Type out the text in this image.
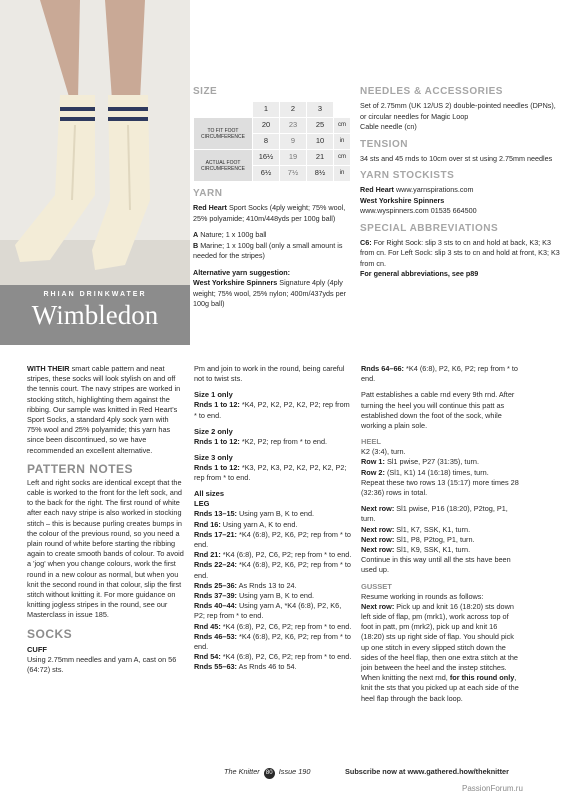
RHIAN DRINKWATER
Wimbledon
SIZE
	1	2	3	
TO FIT FOOT CIRCUMFERENCE	20	23	25	cm
	8	9	10	in
ACTUAL FOOT CIRCUMFERENCE	16½	19	21	cm
	6½	7½	8½	in
YARN

Red Heart Sport Socks (4ply weight; 75% wool, 25% polyamide; 410m/448yds per 100g ball)

A Nature; 1 x 100g ball
B Marine; 1 x 100g ball (only a small amount is needed for the stripes)

Alternative yarn suggestion:
West Yorkshire Spinners Signature 4ply (4ply weight; 75% wool, 25% nylon; 400m/437yds per 100g ball)

NEEDLES & ACCESSORIES

Set of 2.75mm (UK 12/US 2) double-pointed needles (DPNs), or circular needles for Magic Loop
Cable needle (cn)

TENSION

34 sts and 45 rnds to 10cm over st st using 2.75mm needles

YARN STOCKISTS

Red Heart www.yarnspirations.com
West Yorkshire Spinners
www.wyspinners.com 01535 664500

SPECIAL ABBREVIATIONS

C6: For Right Sock: slip 3 sts to cn and hold at back, K3; K3 from cn. For Left Sock: slip 3 sts to cn and hold at front, K3; K3 from cn.
For general abbreviations, see p89

WITH THEIR smart cable pattern and neat stripes, these socks will look stylish on and off the tennis court. The navy stripes are worked in stocking stitch, highlighting them against the ribbing. Our sample was knitted in Red Heart's Sport Socks, a standard 4ply sock yarn with 75% wool and 25% polyamide; this yarn has since been discontinued, so we have recommended an excellent alternative.

PATTERN NOTES

Left and right socks are identical except that the cable is worked to the front for the left sock, and to the back for the right. The first round of white after each navy stripe is also worked in stocking stitch – this is because purling creates bumps in the colour of the previous round, so you need a plain round of white before starting the ribbing again to create smooth bands of colour. To avoid a 'jog' when you change colours, work the first round in a new colour as normal, but when you knit the second round in that colour, slip the first stitch without knitting it. For more guidance on knitting jogless stripes in the round, see our Masterclass in issue 185.

SOCKS
CUFF

Using 2.75mm needles and yarn A, cast on 56 (64:72) sts.

Pm and join to work in the round, being careful not to twist sts.

Size 1 only

Rnds 1 to 12: *K4, P2, K2, P2, K2, P2; rep from * to end.

Size 2 only

Rnds 1 to 12: *K2, P2; rep from * to end.

Size 3 only

Rnds 1 to 12: *K3, P2, K3, P2, K2, P2, K2, P2; rep from * to end.

All sizes
LEG
Rnds 13–15: Using yarn B, K to end.
Rnd 16: Using yarn A, K to end.
Rnds 17–21: *K4 (6:8), P2, K6, P2; rep from * to end.
Rnd 21: *K4 (6:8), P2, C6, P2; rep from * to end.
Rnds 22–24: *K4 (6:8), P2, K6, P2; rep from * to end.
Rnds 25–36: As Rnds 13 to 24.
Rnds 37–39: Using yarn B, K to end.
Rnds 40–44: Using yarn A, *K4 (6:8), P2, K6, P2; rep from * to end.
Rnd 45: *K4 (6:8), P2, C6, P2; rep from * to end.
Rnds 46–53: *K4 (6:8), P2, K6, P2; rep from * to end.
Rnd 54: *K4 (6:8), P2, C6, P2; rep from * to end.
Rnds 55–63: As Rnds 46 to 54.

Rnds 64–66: *K4 (6:8), P2, K6, P2; rep from * to end.

Patt establishes a cable rnd every 9th rnd. After turning the heel you will continue this patt as established down the foot of the sock, while working a plain sole.

HEEL
K2 (3:4), turn.
Row 1: Sl1 pwise, P27 (31:35), turn.
Row 2: (Sl1, K1) 14 (16:18) times, turn.

Repeat these two rows 13 (15:17) more times 28 (32:36) rows in total.

Next row: Sl1 pwise, P16 (18:20), P2tog, P1, turn.
Next row: Sl1, K7, SSK, K1, turn.
Next row: Sl1, P8, P2tog, P1, turn.
Next row: Sl1, K9, SSK, K1, turn.

Continue in this way until all the sts have been used up.

GUSSET
Resume working in rounds as follows:

Next row: Pick up and knit 16 (18:20) sts down left side of flap, pm (mrk1), work across top of foot in patt, pm (mrk2), pick up and knit 16 (18:20) sts up right side of flap. You should pick up one stitch in every slipped stitch down the sides of the heel flap, then one extra stitch at the join between the heel and the instep stitches. When knitting the next rnd, for this round only, knit the sts that you picked up at each side of the heel flap through the back loop.

The Knitter 80 Issue 190	Subscribe now at www.gathered.how/theknitter
PassionForum.ru
